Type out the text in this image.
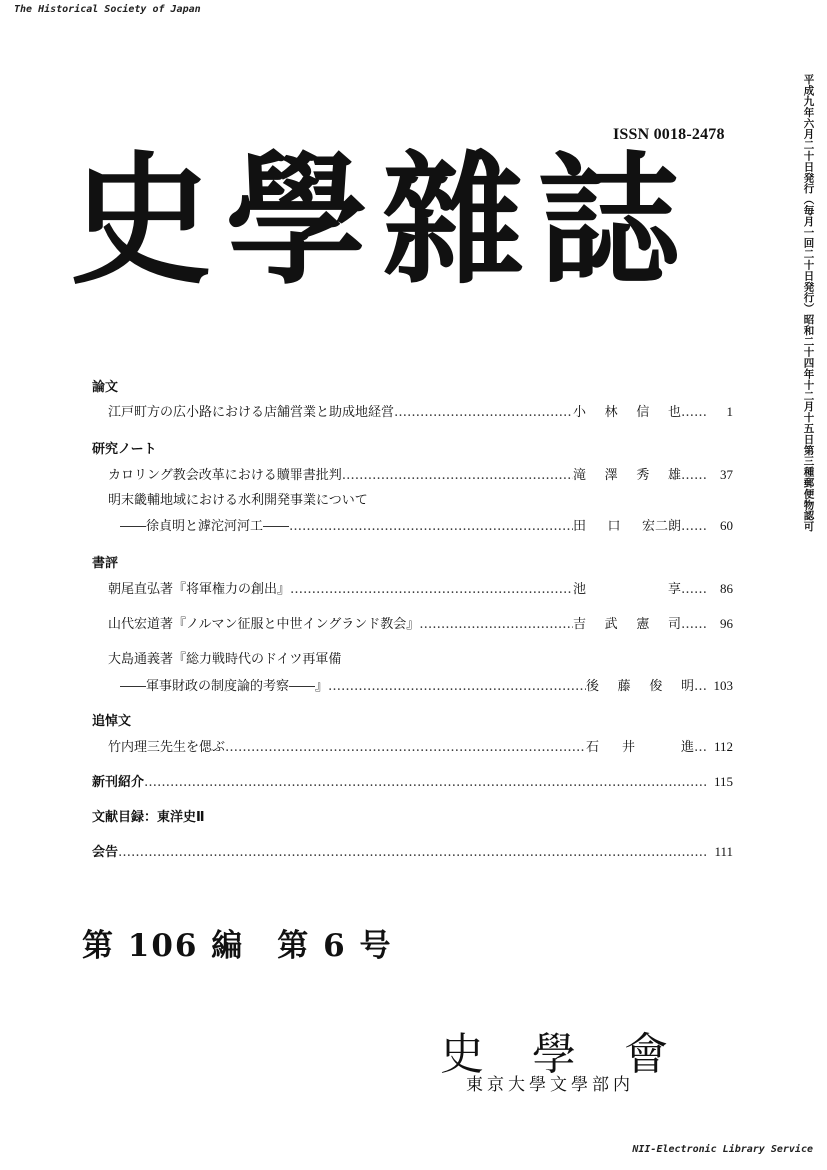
The Historical Society of Japan
平成九年六月二十日発行（毎月一回二十日発行）昭和二十四年十二月十五日第三種郵便物認可
ISSN 0018-2478
史學雜誌
論文
江戸町方の広小路における店舗営業と助成地経営 …………………………………………………………………………………………………………………………………………………………………	小 林 信 也 ……	1
研究ノート
カロリング教会改革における贖罪書批判 …………………………………………………………………………………………………………………………………………………………………	滝 澤 秀 雄 ……	37
明末畿輔地域における水利開発事業について
――徐貞明と滹沱河河工―― …………………………………………………………………………………………………………………………………………………………………	田 口 宏二朗 ……	60
書評
朝尾直弘著『将軍権力の創出』 …………………………………………………………………………………………………………………………………………………………………	池	享 ……	86
山代宏道著『ノルマン征服と中世イングランド教会』 …………………………………………………………………………………………………………………………………………………………………	吉 武 憲 司 ……	96
大島通義著『総力戦時代のドイツ再軍備
――軍事財政の制度論的考察――』 …………………………………………………………………………………………………………………………………………………………………	後 藤 俊 明 … 103
追悼文
竹内理三先生を偲ぶ …………………………………………………………………………………………………………………………………………………………………	石 井	進 … 112
新刊紹介 …………………………………………………………………………………………………………………………………………………………………	115
文献目録：東洋史Ⅱ
会告 …………………………………………………………………………………………………………………………………………………………………	111
第 106 編　第 6 号
史學會
東京大學文學部内
NII-Electronic Library Service
